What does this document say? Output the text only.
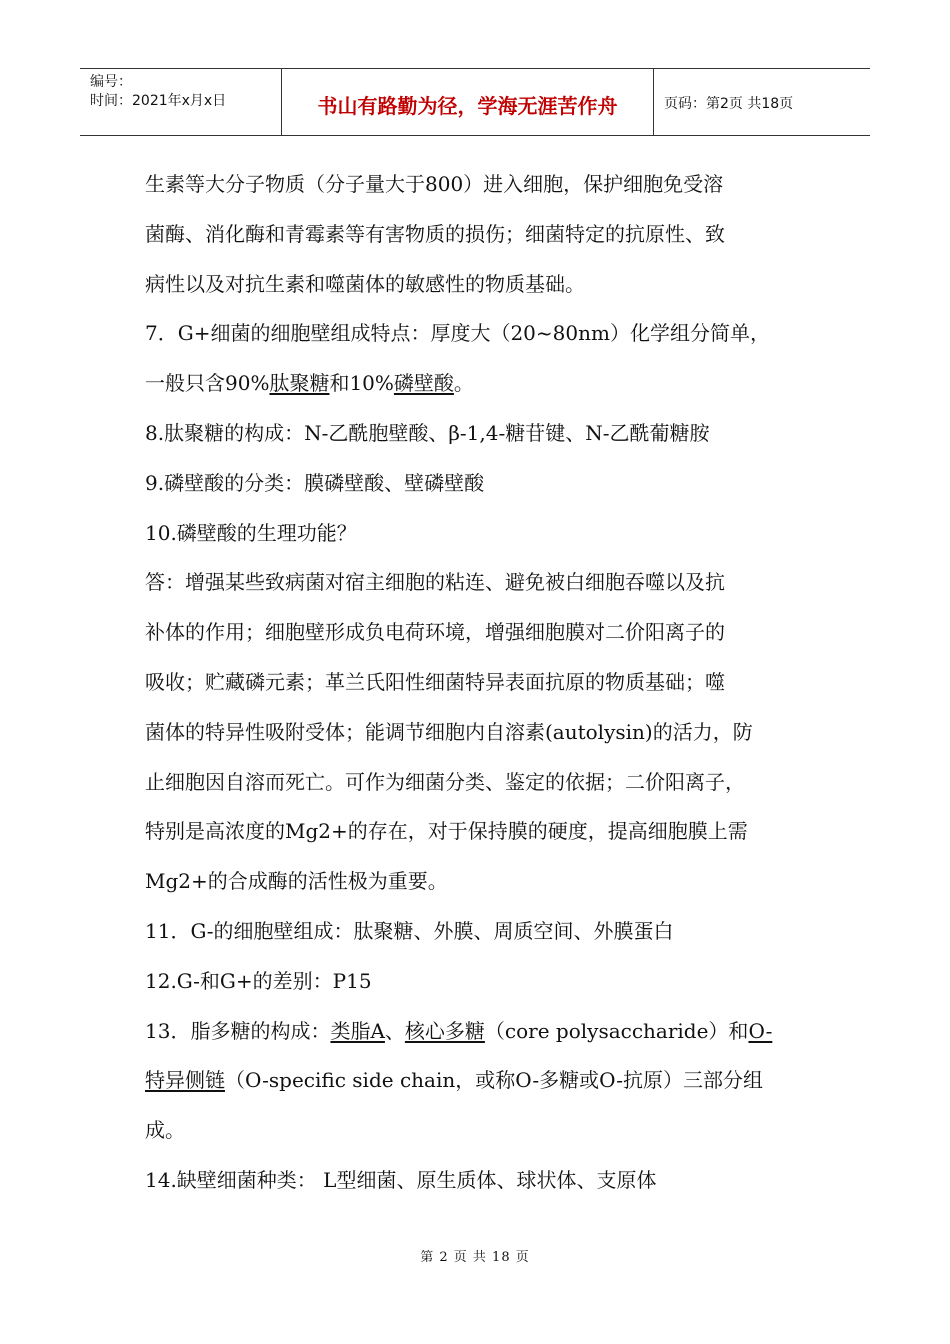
编号：
时间：2021年x月x日	书山有路勤为径，学海无涯苦作舟	页码：第2页 共18页
生素等大分子物质（分子量大于800）进入细胞，保护细胞免受溶
菌酶、消化酶和青霉素等有害物质的损伤；细菌特定的抗原性、致
病性以及对抗生素和噬菌体的敏感性的物质基础。
7．G+细菌的细胞壁组成特点：厚度大（20~80nm）化学组分简单，
一般只含90%肽聚糖和10%磷壁酸。
8.肽聚糖的构成：N-乙酰胞壁酸、β-1,4-糖苷键、N-乙酰葡糖胺
9.磷壁酸的分类：膜磷壁酸、壁磷壁酸
10.磷壁酸的生理功能？
答：增强某些致病菌对宿主细胞的粘连、避免被白细胞吞噬以及抗
补体的作用；细胞壁形成负电荷环境，增强细胞膜对二价阳离子的
吸收；贮藏磷元素；革兰氏阳性细菌特异表面抗原的物质基础；噬
菌体的特异性吸附受体；能调节细胞内自溶素(autolysin)的活力，防
止细胞因自溶而死亡。可作为细菌分类、鉴定的依据；二价阳离子，
特别是高浓度的Mg2+的存在，对于保持膜的硬度，提高细胞膜上需
Mg2+的合成酶的活性极为重要。
11．G-的细胞壁组成：肽聚糖、外膜、周质空间、外膜蛋白
12.G-和G+的差别：P15
13．脂多糖的构成：类脂A、核心多糖（core polysaccharide）和O-
特异侧链（O-specific side chain，或称O-多糖或O-抗原）三部分组
成。
14.缺壁细菌种类： L型细菌、原生质体、球状体、支原体
第 2 页 共 18 页
